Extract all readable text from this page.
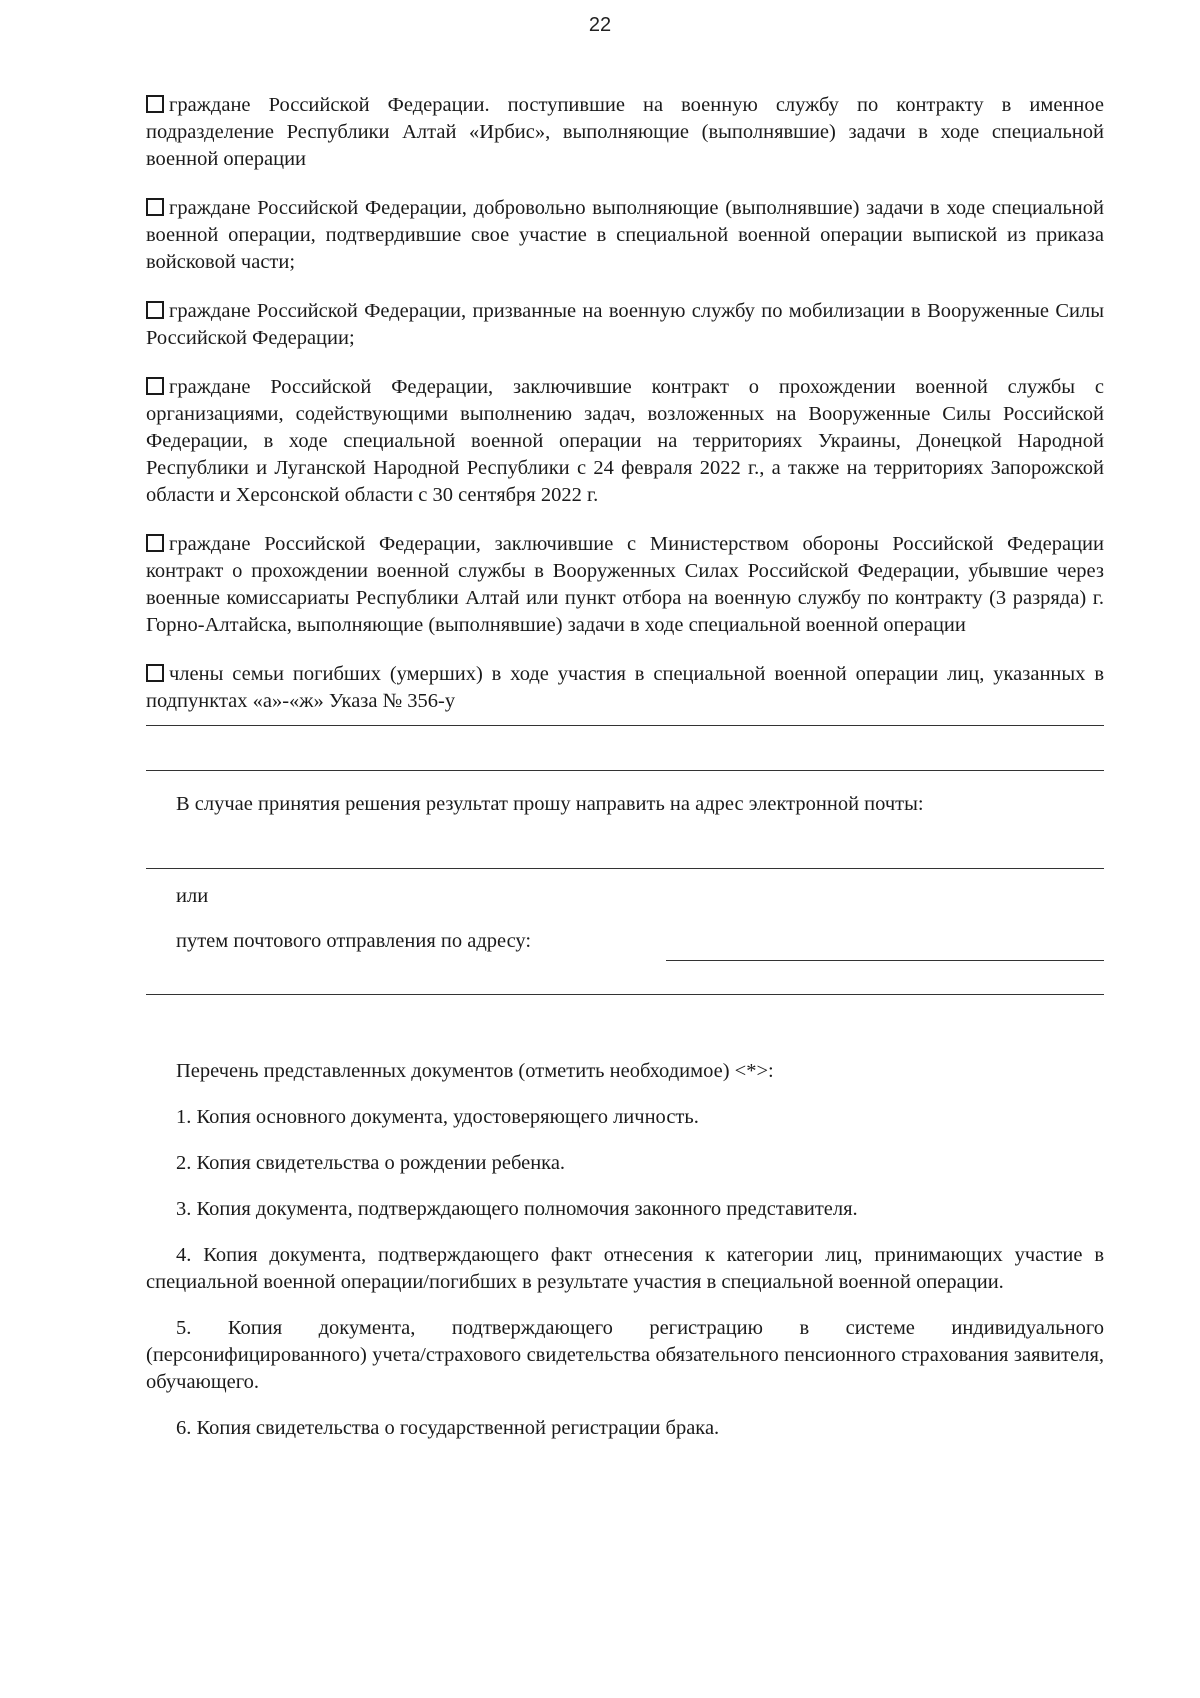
22

граждане Российской Федерации. поступившие на военную службу по контракту в именное подразделение Республики Алтай «Ирбис», выполняющие (выполнявшие) задачи в ходе специальной военной операции

граждане Российской Федерации, добровольно выполняющие (выполнявшие) задачи в ходе специальной военной операции, подтвердившие свое участие в специальной военной операции выпиской из приказа войсковой части;

граждане Российской Федерации, призванные на военную службу по мобилизации в Вооруженные Силы Российской Федерации;

граждане Российской Федерации, заключившие контракт о прохождении военной службы с организациями, содействующими выполнению задач, возложенных на Вооруженные Силы Российской Федерации, в ходе специальной военной операции на территориях Украины, Донецкой Народной Республики и Луганской Народной Республики с 24 февраля 2022 г., а также на территориях Запорожской области и Херсонской области с 30 сентября 2022 г.

граждане Российской Федерации, заключившие с Министерством обороны Российской Федерации контракт о прохождении военной службы в Вооруженных Силах Российской Федерации, убывшие через военные комиссариаты Республики Алтай или пункт отбора на военную службу по контракту (3 разряда) г. Горно-Алтайска, выполняющие (выполнявшие) задачи в ходе специальной военной операции

члены семьи погибших (умерших) в ходе участия в специальной военной операции лиц, указанных в подпунктах «а»-«ж» Указа № 356-у

В случае принятия решения результат прошу направить на адрес электронной почты:

или

путем почтового отправления по адресу:

Перечень представленных документов (отметить необходимое) <*>:

1. Копия основного документа, удостоверяющего личность.

2. Копия свидетельства о рождении ребенка.

3. Копия документа, подтверждающего полномочия законного представителя.

4. Копия документа, подтверждающего факт отнесения к категории лиц, принимающих участие в специальной военной операции/погибших в результате участия в специальной военной операции.

5. Копия документа, подтверждающего регистрацию в системе индивидуального (персонифицированного) учета/страхового свидетельства обязательного пенсионного страхования заявителя, обучающего.

6. Копия свидетельства о государственной регистрации брака.
